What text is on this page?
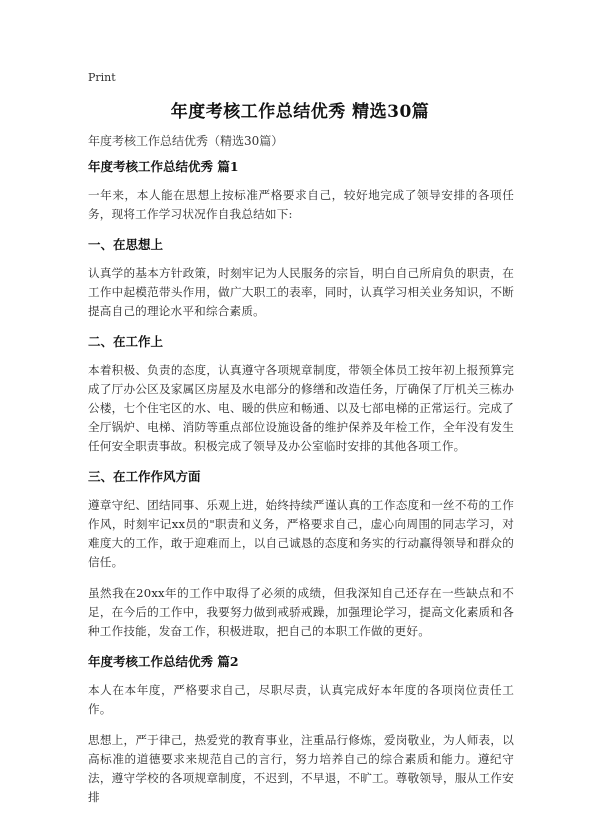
Print
年度考核工作总结优秀 精选30篇
年度考核工作总结优秀（精选30篇）
年度考核工作总结优秀 篇1
一年来，本人能在思想上按标准严格要求自己，较好地完成了领导安排的各项任务，现将工作学习状况作自我总结如下:
一、在思想上
认真学的基本方针政策，时刻牢记为人民服务的宗旨，明白自己所肩负的职责，在工作中起模范带头作用，做广大职工的表率，同时，认真学习相关业务知识，不断提高自己的理论水平和综合素质。
二、在工作上
本着积极、负责的态度，认真遵守各项规章制度，带领全体员工按年初上报预算完成了厅办公区及家属区房屋及水电部分的修缮和改造任务，厅确保了厅机关三栋办公楼，七个住宅区的水、电、暖的供应和畅通、以及七部电梯的正常运行。完成了全厅锅炉、电梯、消防等重点部位设施设备的维护保养及年检工作，全年没有发生任何安全职责事故。积极完成了领导及办公室临时安排的其他各项工作。
三、在工作作风方面
遵章守纪、团结同事、乐观上进，始终持续严谨认真的工作态度和一丝不苟的工作作风，时刻牢记xx员的"职责和义务，严格要求自己，虚心向周围的同志学习，对难度大的工作，敢于迎难而上，以自己诚恳的态度和务实的行动赢得领导和群众的信任。
虽然我在20xx年的工作中取得了必须的成绩，但我深知自己还存在一些缺点和不足，在今后的工作中，我要努力做到戒骄戒躁，加强理论学习，提高文化素质和各种工作技能，发奋工作，积极进取，把自己的本职工作做的更好。
年度考核工作总结优秀 篇2
本人在本年度，严格要求自己，尽职尽责，认真完成好本年度的各项岗位责任工作。
思想上，严于律己，热爱党的教育事业，注重品行修炼，爱岗敬业，为人师表，以高标准的道德要求来规范自己的言行，努力培养自己的综合素质和能力。遵纪守法，遵守学校的各项规章制度，不迟到，不早退，不旷工。尊敬领导，服从工作安排
